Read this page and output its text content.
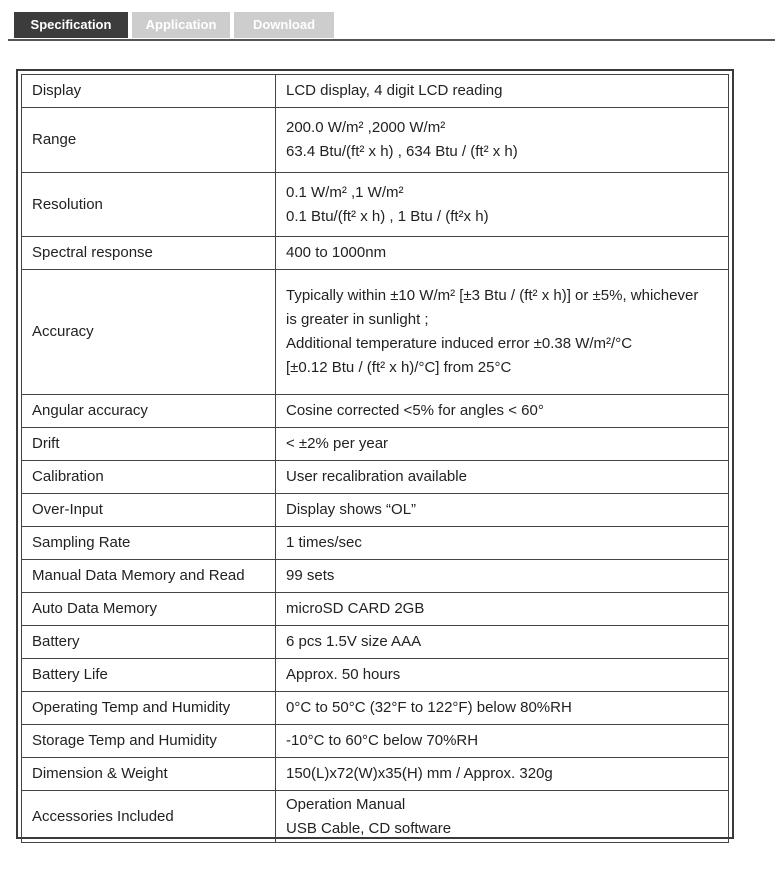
Specification	Application	Download
Display	LCD display, 4 digit LCD reading

Range	200.0 W/m² ,2000 W/m²
63.4 Btu/(ft² x h) , 634 Btu / (ft² x h)

Resolution	0.1 W/m² ,1 W/m²
0.1 Btu/(ft² x h) , 1 Btu / (ft²x h)

Spectral response	400 to 1000nm

Accuracy	Typically within ±10 W/m² [±3 Btu / (ft² x h)] or ±5%, whichever
is greater in sunlight ;
Additional temperature induced error ±0.38 W/m²/°C
[±0.12 Btu / (ft² x h)/°C] from 25°C

Angular accuracy	Cosine corrected <5% for angles < 60°

Drift	< ±2% per year

Calibration	User recalibration available

Over-Input	Display shows “OL”

Sampling Rate	1 times/sec

Manual Data Memory and Read	99 sets

Auto Data Memory	microSD CARD 2GB

Battery	6 pcs 1.5V size AAA

Battery Life	Approx. 50 hours

Operating Temp and Humidity	0°C to 50°C (32°F to 122°F) below 80%RH

Storage Temp and Humidity	-10°C to 60°C below 70%RH

Dimension & Weight	150(L)x72(W)x35(H) mm / Approx. 320g

Accessories Included	Operation Manual
USB Cable, CD software
